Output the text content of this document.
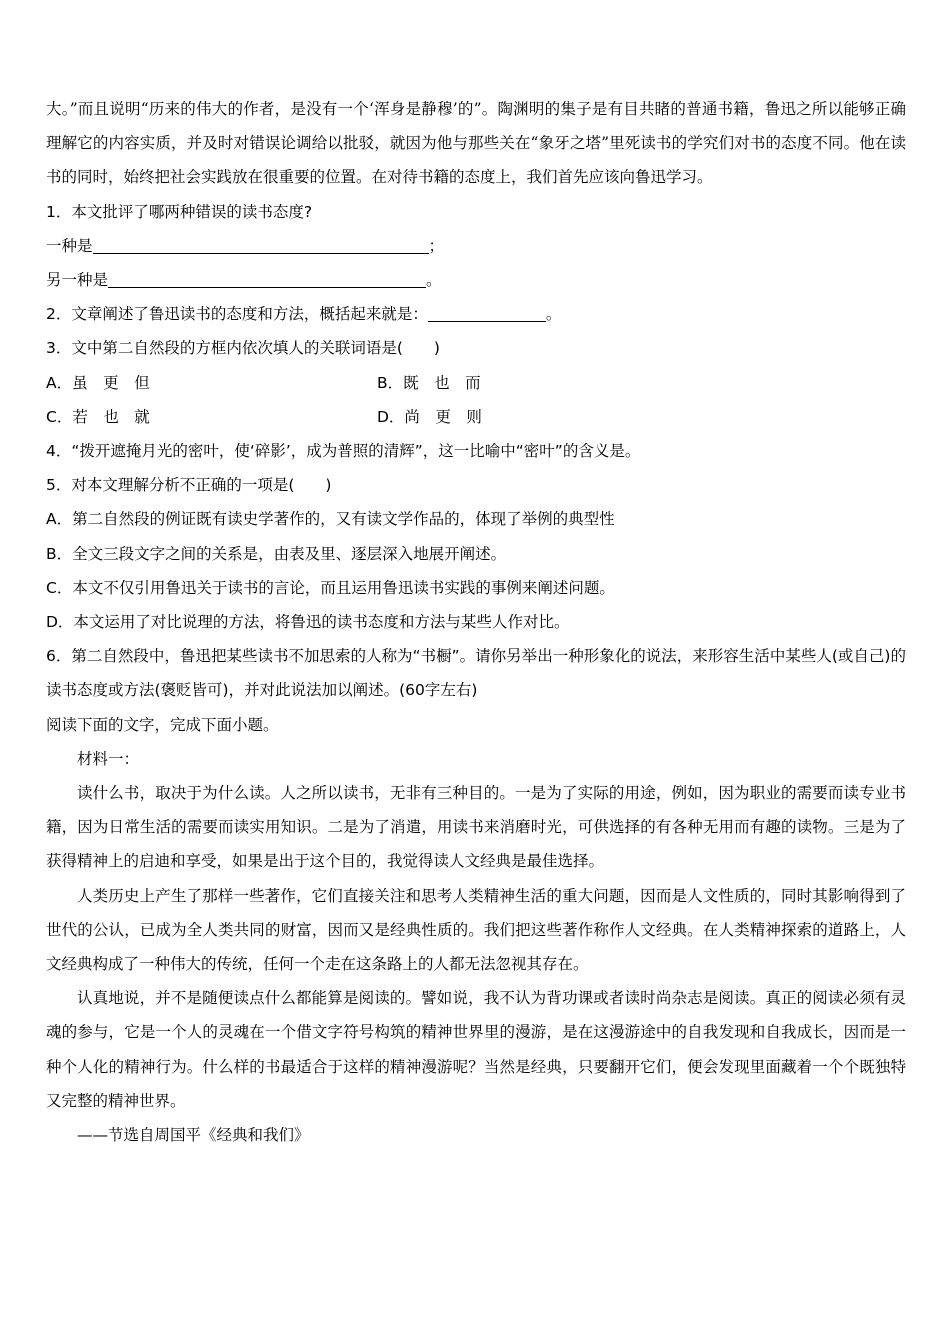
大。”而且说明“历来的伟大的作者，是没有一个‘浑身是静穆’的”。陶渊明的集子是有目共睹的普通书籍，鲁迅之所以能够正确理解它的内容实质，并及时对错误论调给以批驳，就因为他与那些关在“象牙之塔”里死读书的学究们对书的态度不同。他在读书的同时，始终把社会实践放在很重要的位置。在对待书籍的态度上，我们首先应该向鲁迅学习。

1．本文批评了哪两种错误的读书态度?

一种是	；

另一种是	。

2．文章阐述了鲁迅读书的态度和方法，概括起来就是：	。

3．文中第二自然段的方框内依次填人的关联词语是(　　)

A．虽　更　但	B．既　也　而
C．若　也　就	D．尚　更　则

4．“拨开遮掩月光的密叶，使‘碎影’，成为普照的清辉”，这一比喻中“密叶”的含义是。

5．对本文理解分析不正确的一项是(　　)

A．第二自然段的例证既有读史学著作的，又有读文学作品的，体现了举例的典型性

B．全文三段文字之间的关系是，由表及里、逐层深入地展开阐述。

C．本文不仅引用鲁迅关于读书的言论，而且运用鲁迅读书实践的事例来阐述问题。

D．本文运用了对比说理的方法，将鲁迅的读书态度和方法与某些人作对比。

6．第二自然段中，鲁迅把某些读书不加思索的人称为“书橱”。请你另举出一种形象化的说法，来形容生活中某些人(或自己)的读书态度或方法(褒贬皆可)，并对此说法加以阐述。(60字左右)

阅读下面的文字，完成下面小题。

材料一：

读什么书，取决于为什么读。人之所以读书，无非有三种目的。一是为了实际的用途，例如，因为职业的需要而读专业书籍，因为日常生活的需要而读实用知识。二是为了消遣，用读书来消磨时光，可供选择的有各种无用而有趣的读物。三是为了获得精神上的启迪和享受，如果是出于这个目的，我觉得读人文经典是最佳选择。

人类历史上产生了那样一些著作，它们直接关注和思考人类精神生活的重大问题，因而是人文性质的，同时其影响得到了世代的公认，已成为全人类共同的财富，因而又是经典性质的。我们把这些著作称作人文经典。在人类精神探索的道路上，人文经典构成了一种伟大的传统，任何一个走在这条路上的人都无法忽视其存在。

认真地说，并不是随便读点什么都能算是阅读的。譬如说，我不认为背功课或者读时尚杂志是阅读。真正的阅读必须有灵魂的参与，它是一个人的灵魂在一个借文字符号构筑的精神世界里的漫游，是在这漫游途中的自我发现和自我成长，因而是一种个人化的精神行为。什么样的书最适合于这样的精神漫游呢？当然是经典，只要翻开它们，便会发现里面藏着一个个既独特又完整的精神世界。

——节选自周国平《经典和我们》
